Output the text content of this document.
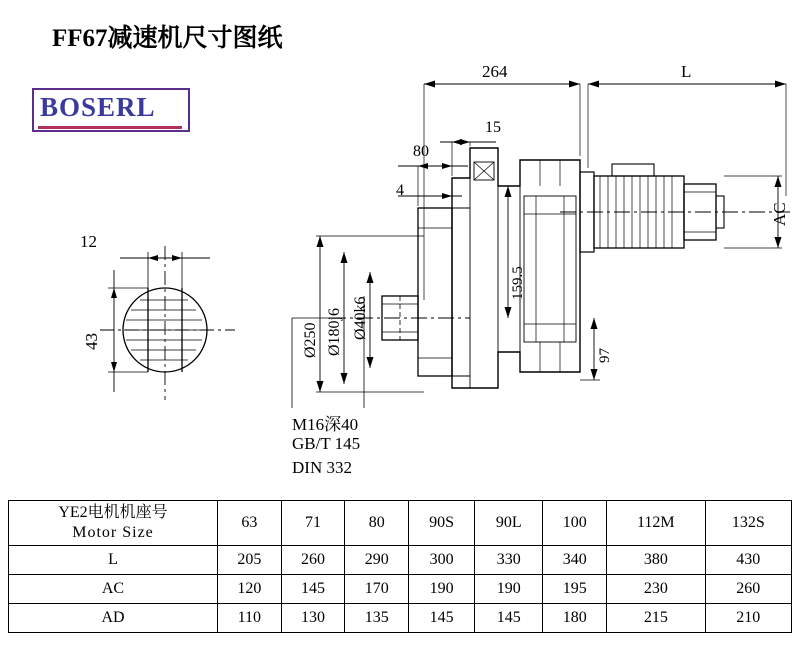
FF67减速机尺寸图纸
BOSERL
264	L
15
80
4
12
43
159.5
97
AC
Ø250 Ø180j6 Ø40k6
M16深40
GB/T 145
DIN 332
YE2电机机座号
Motor Size	63	71	80	90S	90L	100	112M	132S
L	205	260	290	300	330	340	380	430
AC	120	145	170	190	190	195	230	260
AD	110	130	135	145	145	180	215	210
